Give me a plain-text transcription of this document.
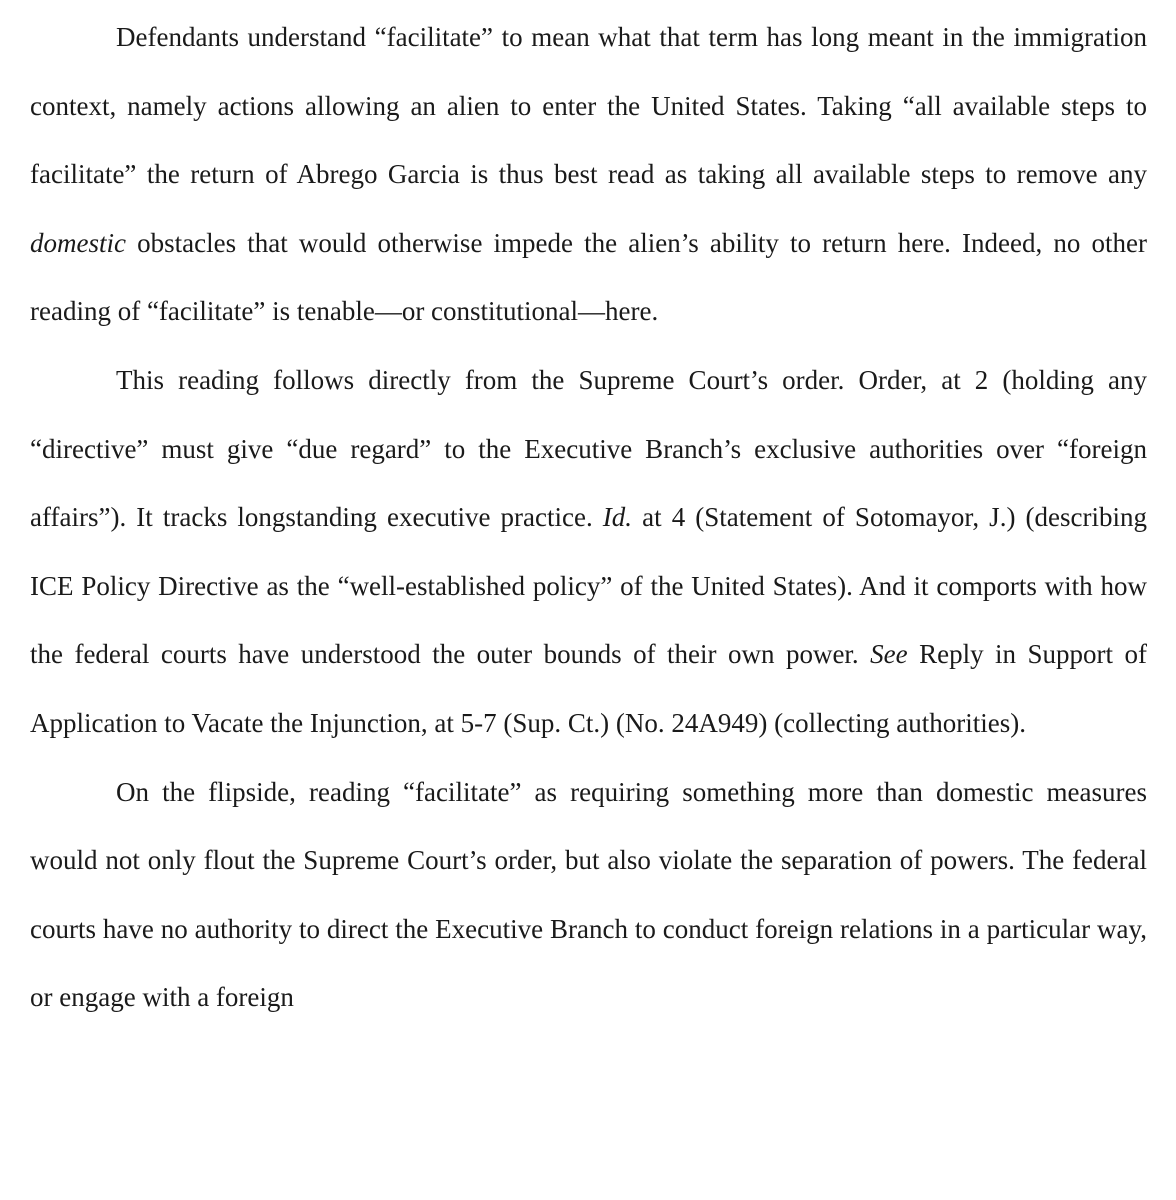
Defendants understand “facilitate” to mean what that term has long meant in the immigration context, namely actions allowing an alien to enter the United States. Taking “all available steps to facilitate” the return of Abrego Garcia is thus best read as taking all available steps to remove any domestic obstacles that would otherwise impede the alien’s ability to return here. Indeed, no other reading of “facilitate” is tenable—or constitutional—here.

This reading follows directly from the Supreme Court’s order. Order, at 2 (holding any “directive” must give “due regard” to the Executive Branch’s exclusive authorities over “foreign affairs”). It tracks longstanding executive practice. Id. at 4 (Statement of Sotomayor, J.) (describing ICE Policy Directive as the “well-established policy” of the United States). And it comports with how the federal courts have understood the outer bounds of their own power. See Reply in Support of Application to Vacate the Injunction, at 5-7 (Sup. Ct.) (No. 24A949) (collecting authorities).

On the flipside, reading “facilitate” as requiring something more than domestic measures would not only flout the Supreme Court’s order, but also violate the separation of powers. The federal courts have no authority to direct the Executive Branch to conduct foreign relations in a particular way, or engage with a foreign
